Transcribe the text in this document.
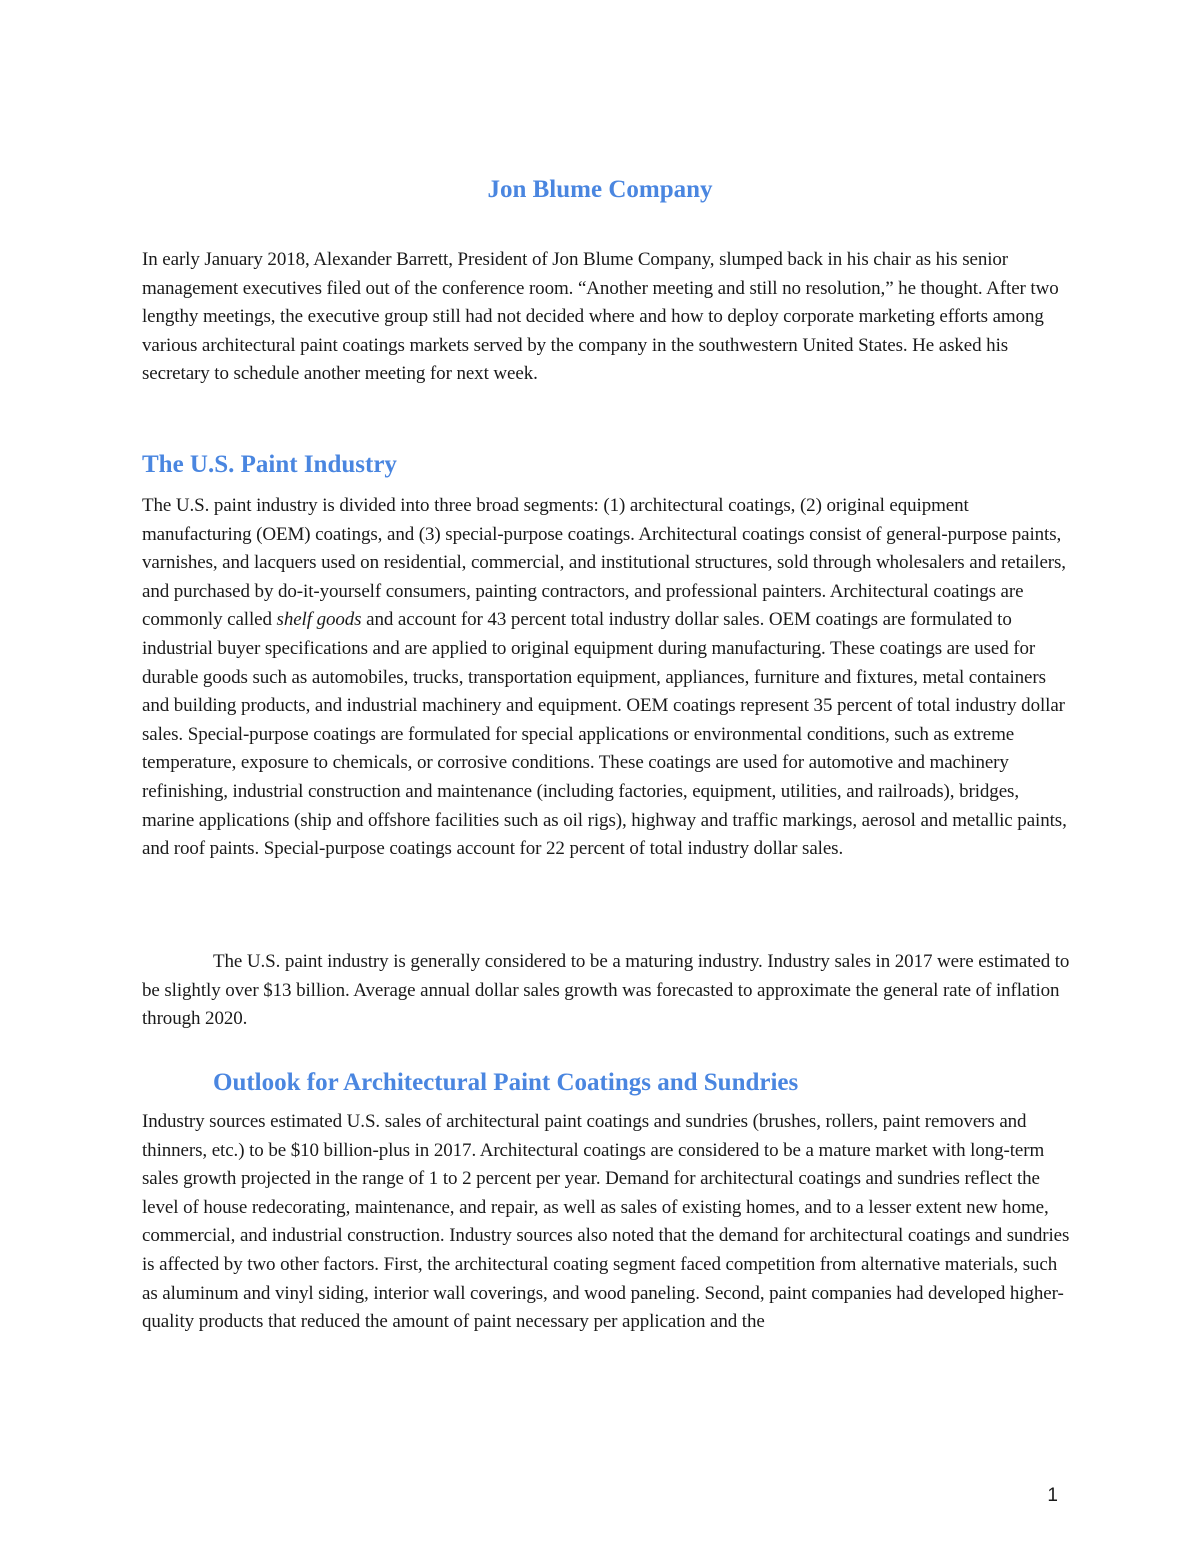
Jon Blume Company

In early January 2018, Alexander Barrett, President of Jon Blume Company, slumped back in his chair as his senior management executives filed out of the conference room. “Another meeting and still no resolution,” he thought. After two lengthy meetings, the executive group still had not decided where and how to deploy corporate marketing efforts among various architectural paint coatings markets served by the company in the southwestern United States. He asked his secretary to schedule another meeting for next week.

The U.S. Paint Industry

The U.S. paint industry is divided into three broad segments: (1) architectural coatings, (2) original equipment manufacturing (OEM) coatings, and (3) special-purpose coatings. Architectural coatings consist of general-purpose paints, varnishes, and lacquers used on residential, commercial, and institutional structures, sold through wholesalers and retailers, and purchased by do-it-yourself consumers, painting contractors, and professional painters. Architectural coatings are commonly called shelf goods and account for 43 percent total industry dollar sales. OEM coatings are formulated to industrial buyer specifications and are applied to original equipment during manufacturing. These coatings are used for durable goods such as automobiles, trucks, transportation equipment, appliances, furniture and fixtures, metal containers and building products, and industrial machinery and equipment. OEM coatings represent 35 percent of total industry dollar sales. Special-purpose coatings are formulated for special applications or environmental conditions, such as extreme temperature, exposure to chemicals, or corrosive conditions. These coatings are used for automotive and machinery refinishing, industrial construction and maintenance (including factories, equipment, utilities, and railroads), bridges, marine applications (ship and offshore facilities such as oil rigs), highway and traffic markings, aerosol and metallic paints, and roof paints. Special-purpose coatings account for 22 percent of total industry dollar sales.

The U.S. paint industry is generally considered to be a maturing industry. Industry sales in 2017 were estimated to be slightly over $13 billion. Average annual dollar sales growth was forecasted to approximate the general rate of inflation through 2020.

Outlook for Architectural Paint Coatings and Sundries

Industry sources estimated U.S. sales of architectural paint coatings and sundries (brushes, rollers, paint removers and thinners, etc.) to be $10 billion-plus in 2017. Architectural coatings are considered to be a mature market with long-term sales growth projected in the range of 1 to 2 percent per year. Demand for architectural coatings and sundries reflect the level of house redecorating, maintenance, and repair, as well as sales of existing homes, and to a lesser extent new home, commercial, and industrial construction. Industry sources also noted that the demand for architectural coatings and sundries is affected by two other factors. First, the architectural coating segment faced competition from alternative materials, such as aluminum and vinyl siding, interior wall coverings, and wood paneling. Second, paint companies had developed higher-quality products that reduced the amount of paint necessary per application and the

1
